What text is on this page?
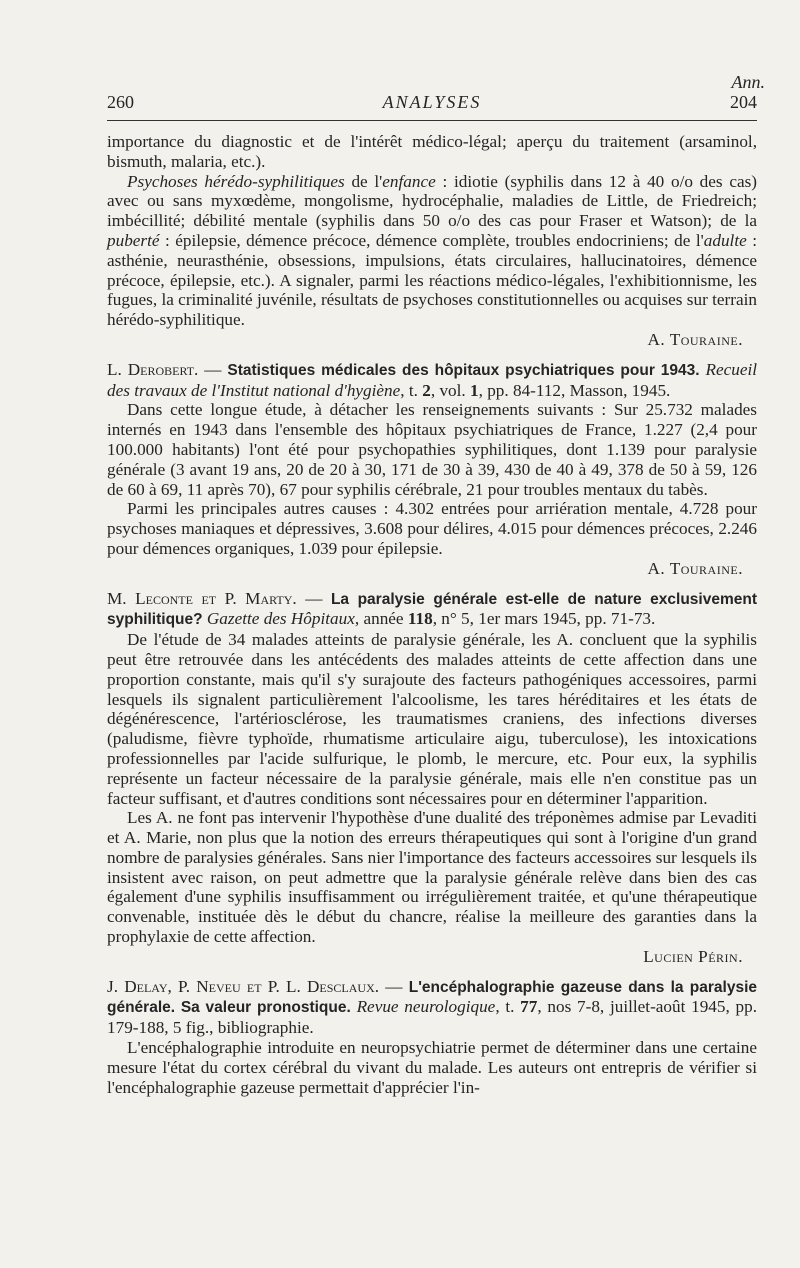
Ann.
260	ANALYSES	204

importance du diagnostic et de l'intérêt médico-légal; aperçu du traitement (arsaminol, bismuth, malaria, etc.).

Psychoses hérédo-syphilitiques de l'enfance : idiotie (syphilis dans 12 à 40 o/o des cas) avec ou sans myxœdème, mongolisme, hydrocéphalie, maladies de Little, de Friedreich; imbécillité; débilité mentale (syphilis dans 50 o/o des cas pour Fraser et Watson); de la puberté : épilepsie, démence précoce, démence complète, troubles endocriniens; de l'adulte : asthénie, neurasthénie, obsessions, impulsions, états circulaires, hallucinatoires, démence précoce, épilepsie, etc.). A signaler, parmi les réactions médico-légales, l'exhibitionnisme, les fugues, la criminalité juvénile, résultats de psychoses constitutionnelles ou acquises sur terrain hérédo-syphilitique.

A. Touraine.

L. Derobert. — Statistiques médicales des hôpitaux psychiatriques pour 1943. Recueil des travaux de l'Institut national d'hygiène, t. 2, vol. 1, pp. 84-112, Masson, 1945.

Dans cette longue étude, à détacher les renseignements suivants : Sur 25.732 malades internés en 1943 dans l'ensemble des hôpitaux psychiatriques de France, 1.227 (2,4 pour 100.000 habitants) l'ont été pour psychopathies syphilitiques, dont 1.139 pour paralysie générale (3 avant 19 ans, 20 de 20 à 30, 171 de 30 à 39, 430 de 40 à 49, 378 de 50 à 59, 126 de 60 à 69, 11 après 70), 67 pour syphilis cérébrale, 21 pour troubles mentaux du tabès.

Parmi les principales autres causes : 4.302 entrées pour arriération mentale, 4.728 pour psychoses maniaques et dépressives, 3.608 pour délires, 4.015 pour démences précoces, 2.246 pour démences organiques, 1.039 pour épilepsie.

A. Touraine.

M. Leconte et P. Marty. — La paralysie générale est-elle de nature exclusivement syphilitique? Gazette des Hôpitaux, année 118, n° 5, 1er mars 1945, pp. 71-73.

De l'étude de 34 malades atteints de paralysie générale, les A. concluent que la syphilis peut être retrouvée dans les antécédents des malades atteints de cette affection dans une proportion constante, mais qu'il s'y surajoute des facteurs pathogéniques accessoires, parmi lesquels ils signalent particulièrement l'alcoolisme, les tares héréditaires et les états de dégénérescence, l'artériosclérose, les traumatismes craniens, des infections diverses (paludisme, fièvre typhoïde, rhumatisme articulaire aigu, tuberculose), les intoxications professionnelles par l'acide sulfurique, le plomb, le mercure, etc. Pour eux, la syphilis représente un facteur nécessaire de la paralysie générale, mais elle n'en constitue pas un facteur suffisant, et d'autres conditions sont nécessaires pour en déterminer l'apparition.

Les A. ne font pas intervenir l'hypothèse d'une dualité des tréponèmes admise par Levaditi et A. Marie, non plus que la notion des erreurs thérapeutiques qui sont à l'origine d'un grand nombre de paralysies générales. Sans nier l'importance des facteurs accessoires sur lesquels ils insistent avec raison, on peut admettre que la paralysie générale relève dans bien des cas également d'une syphilis insuffisamment ou irrégulièrement traitée, et qu'une thérapeutique convenable, instituée dès le début du chancre, réalise la meilleure des garanties dans la prophylaxie de cette affection.

Lucien Périn.

J. Delay, P. Neveu et P. L. Desclaux. — L'encéphalographie gazeuse dans la paralysie générale. Sa valeur pronostique. Revue neurologique, t. 77, nos 7-8, juillet-août 1945, pp. 179-188, 5 fig., bibliographie.

L'encéphalographie introduite en neuropsychiatrie permet de déterminer dans une certaine mesure l'état du cortex cérébral du vivant du malade. Les auteurs ont entrepris de vérifier si l'encéphalographie gazeuse permettait d'apprécier l'in-
